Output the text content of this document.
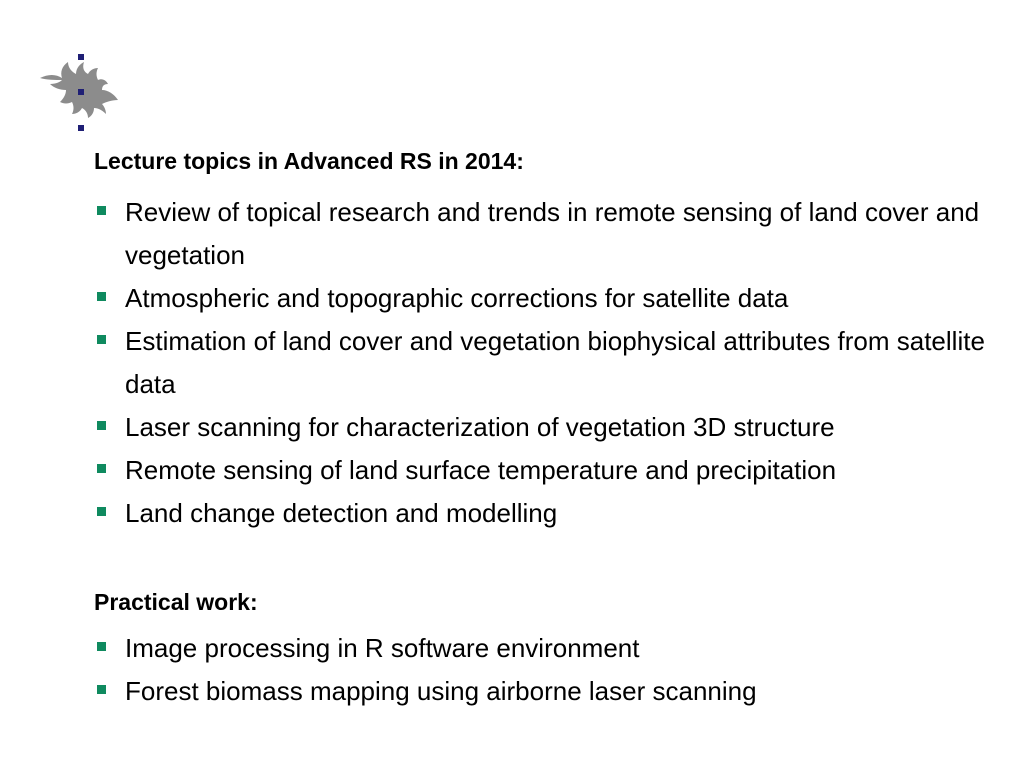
Lecture topics in Advanced RS in 2014:
Review of topical research and trends in remote sensing of land cover and vegetation
Atmospheric and topographic corrections for satellite data
Estimation of land cover and vegetation biophysical attributes from satellite data
Laser scanning for characterization of vegetation 3D structure
Remote sensing of land surface temperature and precipitation
Land change detection and modelling
Practical work:
Image processing in R software environment
Forest biomass mapping using airborne laser scanning
